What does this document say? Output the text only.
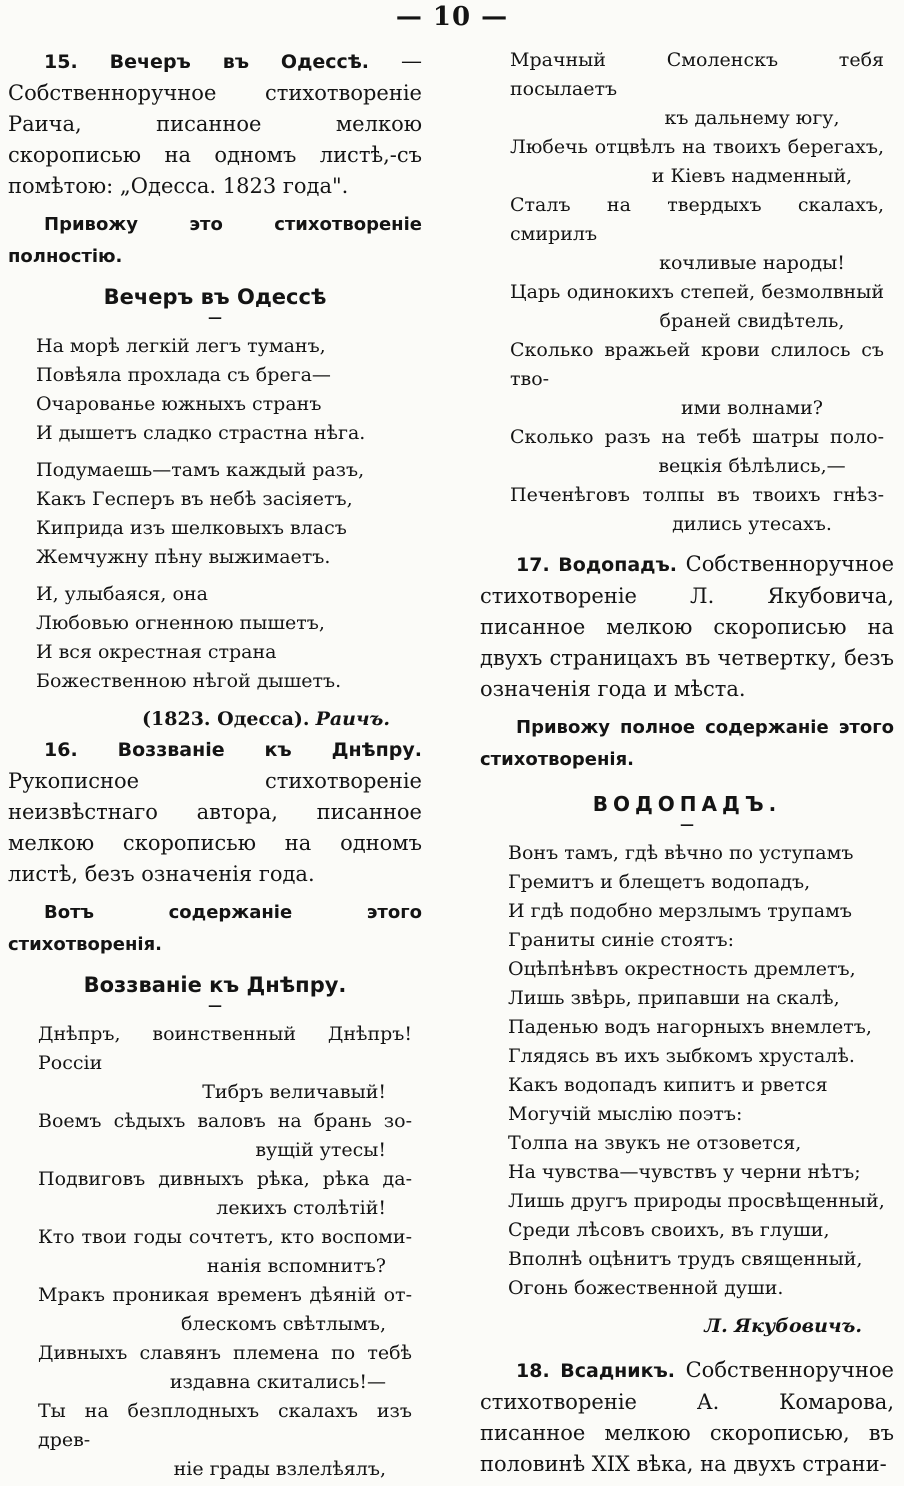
— 10 —

15. Вечеръ въ Одессѣ. — Собственноручное стихотвореніе Раича, писанное мелкою скорописью на одномъ листѣ,-съ помѣтою: „Одесса. 1823 года".

Привожу это стихотвореніе полностію.

Вечеръ въ Одессѣ
—
На морѣ легкій легъ туманъ,
Повѣяла прохлада съ брега—
Очарованье южныхъ странъ
И дышетъ сладко страстна нѣга.
Подумаешь—тамъ каждый разъ,
Какъ Гесперъ въ небѣ засіяетъ,
Киприда изъ шелковыхъ власъ
Жемчужну пѣну выжимаетъ.
И, улыбаяся, она
Любовью огненною пышетъ,
И вся окрестная страна
Божественною нѣгой дышетъ.
(1823. Одесса). Раичъ.

16. Воззваніе къ Днѣпру. Рукописное стихотвореніе неизвѣстнаго автора, писанное мелкою скорописью на одномъ листѣ, безъ означенія года.

Вотъ содержаніе этого стихотворенія.

Воззваніе къ Днѣпру.
—
Днѣпръ, воинственный Днѣпръ! Россіи
Тибръ величавый!
Воемъ сѣдыхъ валовъ на брань зо-
вущій утесы!
Подвиговъ дивныхъ рѣка, рѣка да-
лекихъ столѣтій!
Кто твои годы сочтетъ, кто воспоми-
нанія вспомнитъ?
Мракъ проникая временъ дѣяній от-
блескомъ свѣтлымъ,
Дивныхъ славянъ племена по тебѣ
издавна скитались!—
Ты на безплодныхъ скалахъ изъ древ-
ніе грады взлелѣялъ,
Мрачный Смоленскъ тебя посылаетъ
къ дальнему югу,
Любечь отцвѣлъ на твоихъ берегахъ,
и Кіевъ надменный,
Сталъ на твердыхъ скалахъ, смирилъ
кочливые народы!
Царь одинокихъ степей, безмолвный
браней свидѣтель,
Сколько вражьей крови слилось съ тво-
ими волнами?
Сколько разъ на тебѣ шатры поло-
вецкія бѣлѣлись,—
Печенѣговъ толпы въ твоихъ гнѣз-
дились утесахъ.

17. Водопадъ. Собственноручное стихотвореніе Л. Якубовича, писанное мелкою скорописью на двухъ страницахъ въ четвертку, безъ означенія года и мѣста.

Привожу полное содержаніе этого стихотворенія.

ВОДОПАДЪ.
—
Вонъ тамъ, гдѣ вѣчно по уступамъ
Гремитъ и блещетъ водопадъ,
И гдѣ подобно мерзлымъ трупамъ
Граниты синіе стоятъ:
Оцѣпѣнѣвъ окрестность дремлетъ,
Лишь звѣрь, припавши на скалѣ,
Паденью водъ нагорныхъ внемлетъ,
Глядясь въ ихъ зыбкомъ хрусталѣ.
Какъ водопадъ кипитъ и рвется
Могучій мыслію поэтъ:
Толпа на звукъ не отзовется,
На чувства—чувствъ у черни нѣтъ;
Лишь другъ природы просвѣщенный,
Среди лѣсовъ своихъ, въ глуши,
Вполнѣ оцѣнитъ трудъ священный,
Огонь божественной души.
Л. Якубовичъ.

18. Всадникъ. Собственноручное стихотвореніе А. Комарова, писанное мелкою скорописью, въ половинѣ XIX вѣка, на двухъ страни-
